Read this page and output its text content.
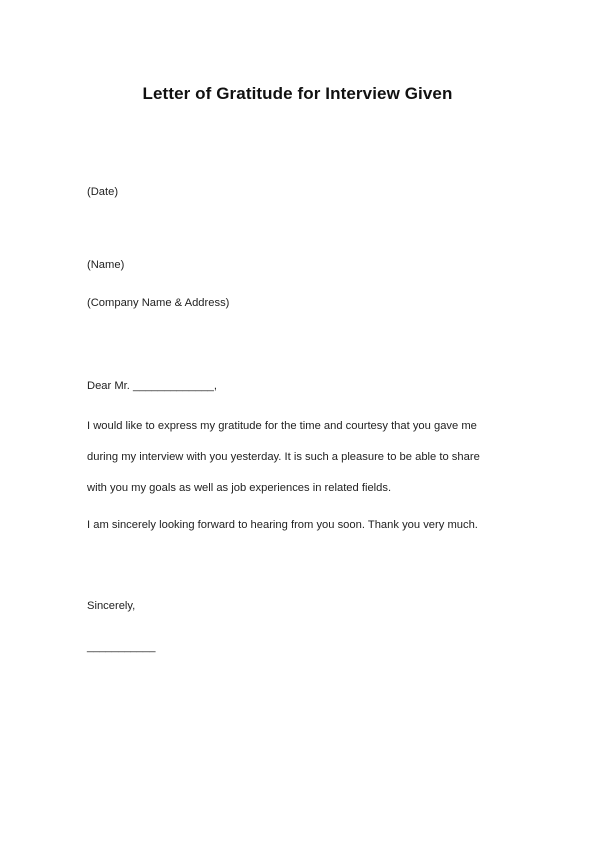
Letter of Gratitude for Interview Given
(Date)
(Name)
(Company Name & Address)
Dear Mr. _____________,
I would like to express my gratitude for the time and courtesy that you gave me
during my interview with you yesterday. It is such a pleasure to be able to share
with you my goals as well as job experiences in related fields.
I am sincerely looking forward to hearing from you soon. Thank you very much.
Sincerely,
___________
